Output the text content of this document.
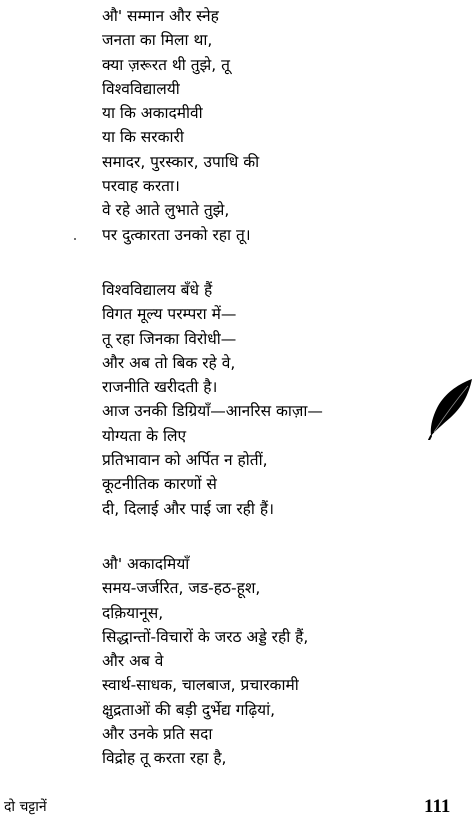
औ' सम्मान और स्नेह
जनता का मिला था,
क्या ज़रूरत थी तुझे, तू
विश्वविद्यालयी
या कि अकादमीवी
या कि सरकारी
समादर, पुरस्कार, उपाधि की
परवाह करता।
वे रहे आते लुभाते तुझे,
पर दुत्कारता उनको रहा तू।
विश्वविद्यालय बँधे हैं
विगत मूल्य परम्परा में—
तू रहा जिनका विरोधी—
और अब तो बिक रहे वे,
राजनीति खरीदती है।
आज उनकी डिग्रियाँ—आनरिस काज़ा—
योग्यता के लिए
प्रतिभावान को अर्पित न होतीं,
कूटनीतिक कारणों से
दी, दिलाई और पाई जा रही हैं।
औ' अकादमियाँ
समय-जर्जरित, जड-हठ-हूश,
दक़ियानूस,
सिद्धान्तों-विचारों के जरठ अड्डे रही हैं,
और अब वे
स्वार्थ-साधक, चालबाज, प्रचारकामी
क्षुद्रताओं की बड़ी दुर्भेद्य गढ़ियां,
और उनके प्रति सदा
विद्रोह तू करता रहा है,
दो चट्टानें	111
